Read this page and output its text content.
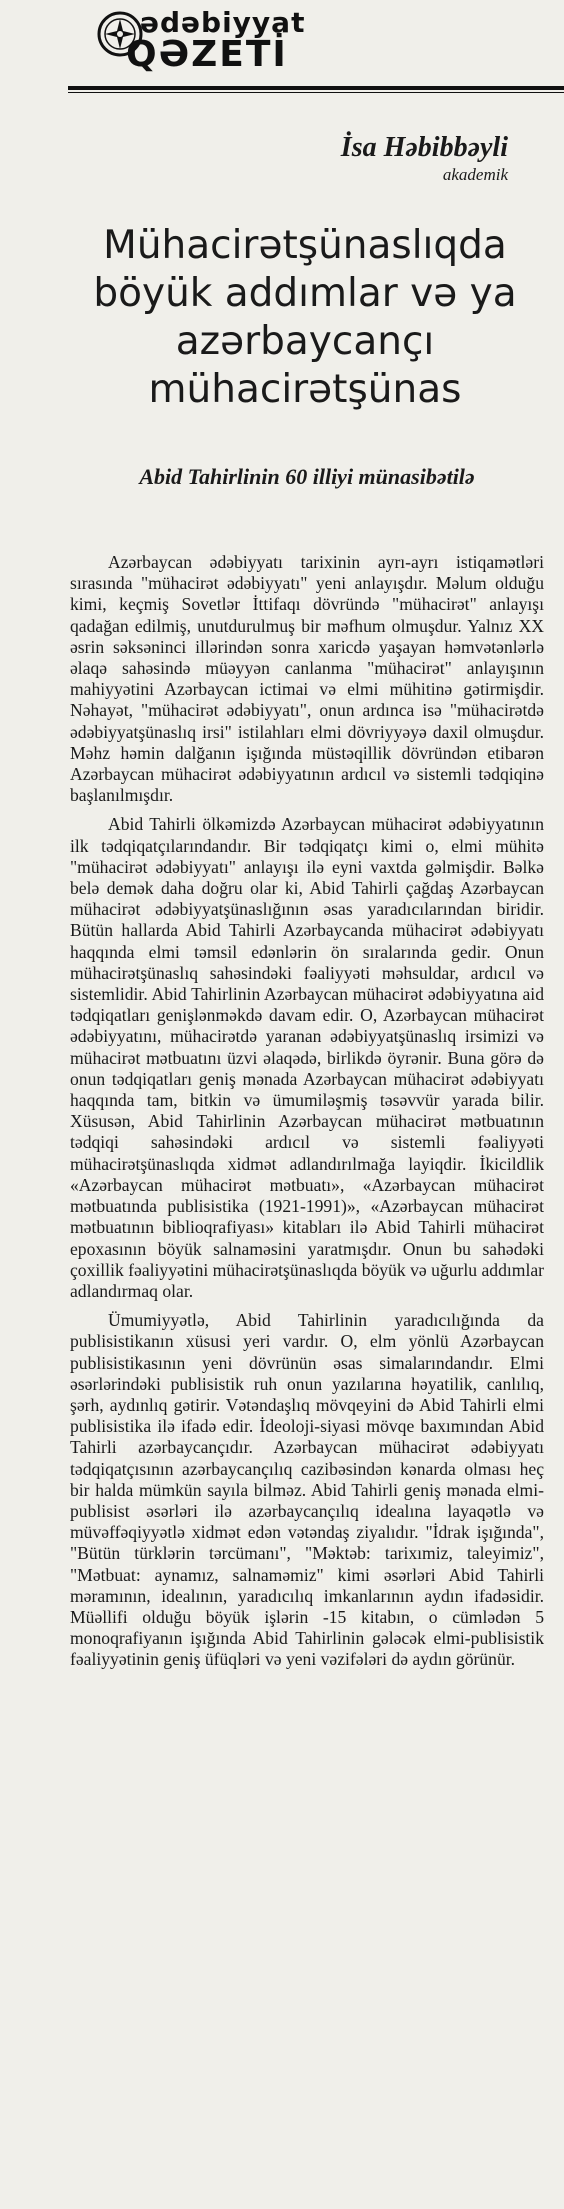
ədəbiyyat
QƏZETİ
İsa Həbibbəyli
akademik
Mühacirətşünaslıqda böyük addımlar və ya azərbaycançı mühacirətşünas
Abid Tahirlinin 60 illiyi münasibətilə

Azərbaycan ədəbiyyatı tarixinin ayrı-ayrı istiqamətləri sırasında "mühacirət ədəbiyyatı" yeni anlayışdır. Məlum olduğu kimi, keçmiş Sovetlər İttifaqı dövründə "mühacirət" anlayışı qadağan edilmiş, unutdurulmuş bir məfhum olmuşdur. Yalnız XX əsrin səksəninci illərindən sonra xaricdə yaşayan həmvətənlərlə əlaqə sahəsində müəyyən canlanma "mühacirət" anlayışının mahiyyətini Azərbaycan ictimai və elmi mühitinə gətirmişdir. Nəhayət, "mühacirət ədəbiyyatı", onun ardınca isə "mühacirətdə ədəbiyyatşünaslıq irsi" istilahları elmi dövriyyəyə daxil olmuşdur. Məhz həmin dalğanın işığında müstəqillik dövründən etibarən Azərbaycan mühacirət ədəbiyyatının ardıcıl və sistemli tədqiqinə başlanılmışdır.

Abid Tahirli ölkəmizdə Azərbaycan mühacirət ədəbiyyatının ilk tədqiqatçılarındandır. Bir tədqiqatçı kimi o, elmi mühitə "mühacirət ədəbiyyatı" anlayışı ilə eyni vaxtda gəlmişdir. Bəlkə belə demək daha doğru olar ki, Abid Tahirli çağdaş Azərbaycan mühacirət ədəbiyyatşünaslığının əsas yaradıcılarından biridir. Bütün hallarda Abid Tahirli Azərbaycanda mühacirət ədəbiyyatı haqqında elmi təmsil edənlərin ön sıralarında gedir. Onun mühacirətşünaslıq sahəsindəki fəaliyyəti məhsuldar, ardıcıl və sistemlidir. Abid Tahirlinin Azərbaycan mühacirət ədəbiyyatına aid tədqiqatları genişlənməkdə davam edir. O, Azərbaycan mühacirət ədəbiyyatını, mühacirətdə yaranan ədəbiyyatşünaslıq irsimizi və mühacirət mətbuatını üzvi əlaqədə, birlikdə öyrənir. Buna görə də onun tədqiqatları geniş mənada Azərbaycan mühacirət ədəbiyyatı haqqında tam, bitkin və ümumiləşmiş təsəvvür yarada bilir. Xüsusən, Abid Tahirlinin Azərbaycan mühacirət mətbuatının tədqiqi sahəsindəki ardıcıl və sistemli fəaliyyəti mühacirətşünaslıqda xidmət adlandırılmağa layiqdir. İkicildlik «Azərbaycan mühacirət mətbuatı», «Azərbaycan mühacirət mətbuatında publisistika (1921-1991)», «Azərbaycan mühacirət mətbuatının biblioqrafiyası» kitabları ilə Abid Tahirli mühacirət epoxasının böyük salnaməsini yaratmışdır. Onun bu sahədəki çoxillik fəaliyyətini mühacirətşünaslıqda böyük və uğurlu addımlar adlandırmaq olar.

Ümumiyyətlə, Abid Tahirlinin yaradıcılığında da publisistikanın xüsusi yeri vardır. O, elm yönlü Azərbaycan publisistikasının yeni dövrünün əsas simalarındandır. Elmi əsərlərindəki publisistik ruh onun yazılarına həyatilik, canlılıq, şərh, aydınlıq gətirir. Vətəndaşlıq mövqeyini də Abid Tahirli elmi publisistika ilə ifadə edir. İdeoloji-siyasi mövqe baxımından Abid Tahirli azərbaycançıdır. Azərbaycan mühacirət ədəbiyyatı tədqiqatçısının azərbaycançılıq cazibəsindən kənarda olması heç bir halda mümkün sayıla bilməz. Abid Tahirli geniş mənada elmi-publisist əsərləri ilə azərbaycançılıq idealına layaqətlə və müvəffəqiyyətlə xidmət edən vətəndaş ziyalıdır. "İdrak işığında", "Bütün türklərin tərcümanı", "Məktəb: tarixımiz, taleyimiz", "Mətbuat: aynamız, salnaməmiz" kimi əsərləri Abid Tahirli məramının, idealının, yaradıcılıq imkanlarının aydın ifadəsidir. Müəllifi olduğu böyük işlərin -15 kitabın, o cümlədən 5 monoqrafiyanın işığında Abid Tahirlinin gələcək elmi-publisistik fəaliyyətinin geniş üfüqləri və yeni vəzifələri də aydın görünür.
